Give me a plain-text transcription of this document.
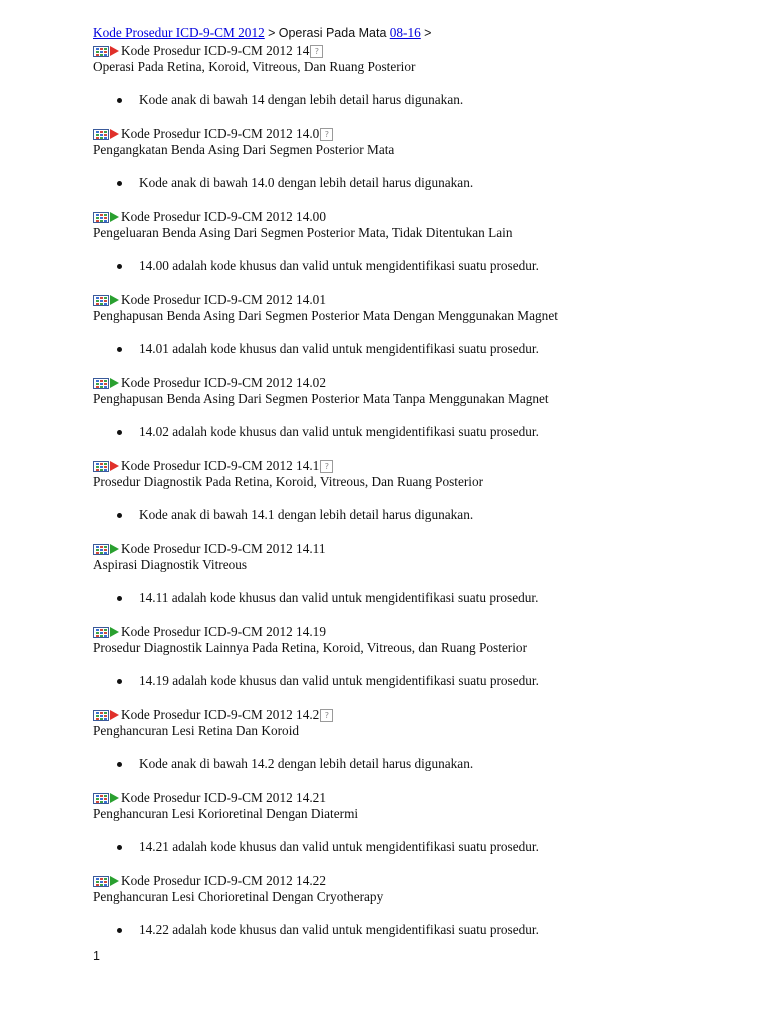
Kode Prosedur ICD-9-CM 2012 > Operasi Pada Mata 08-16 >
Kode Prosedur ICD-9-CM 2012 14 ?
Operasi Pada Retina, Koroid, Vitreous, Dan Ruang Posterior
Kode anak di bawah 14 dengan lebih detail harus digunakan.
Kode Prosedur ICD-9-CM 2012 14.0 ?
Pengangkatan Benda Asing Dari Segmen Posterior Mata
Kode anak di bawah 14.0 dengan lebih detail harus digunakan.
Kode Prosedur ICD-9-CM 2012 14.00
Pengeluaran Benda Asing Dari Segmen Posterior Mata, Tidak Ditentukan Lain
14.00 adalah kode khusus dan valid untuk mengidentifikasi suatu prosedur.
Kode Prosedur ICD-9-CM 2012 14.01
Penghapusan Benda Asing Dari Segmen Posterior Mata Dengan Menggunakan Magnet
14.01 adalah kode khusus dan valid untuk mengidentifikasi suatu prosedur.
Kode Prosedur ICD-9-CM 2012 14.02
Penghapusan Benda Asing Dari Segmen Posterior Mata Tanpa Menggunakan Magnet
14.02 adalah kode khusus dan valid untuk mengidentifikasi suatu prosedur.
Kode Prosedur ICD-9-CM 2012 14.1 ?
Prosedur Diagnostik Pada Retina, Koroid, Vitreous, Dan Ruang Posterior
Kode anak di bawah 14.1 dengan lebih detail harus digunakan.
Kode Prosedur ICD-9-CM 2012 14.11
Aspirasi Diagnostik Vitreous
14.11 adalah kode khusus dan valid untuk mengidentifikasi suatu prosedur.
Kode Prosedur ICD-9-CM 2012 14.19
Prosedur Diagnostik Lainnya Pada Retina, Koroid, Vitreous, dan Ruang Posterior
14.19 adalah kode khusus dan valid untuk mengidentifikasi suatu prosedur.
Kode Prosedur ICD-9-CM 2012 14.2 ?
Penghancuran Lesi Retina Dan Koroid
Kode anak di bawah 14.2 dengan lebih detail harus digunakan.
Kode Prosedur ICD-9-CM 2012 14.21
Penghancuran Lesi Korioretinal Dengan Diatermi
14.21 adalah kode khusus dan valid untuk mengidentifikasi suatu prosedur.
Kode Prosedur ICD-9-CM 2012 14.22
Penghancuran Lesi Chorioretinal Dengan Cryotherapy
14.22 adalah kode khusus dan valid untuk mengidentifikasi suatu prosedur.
1
